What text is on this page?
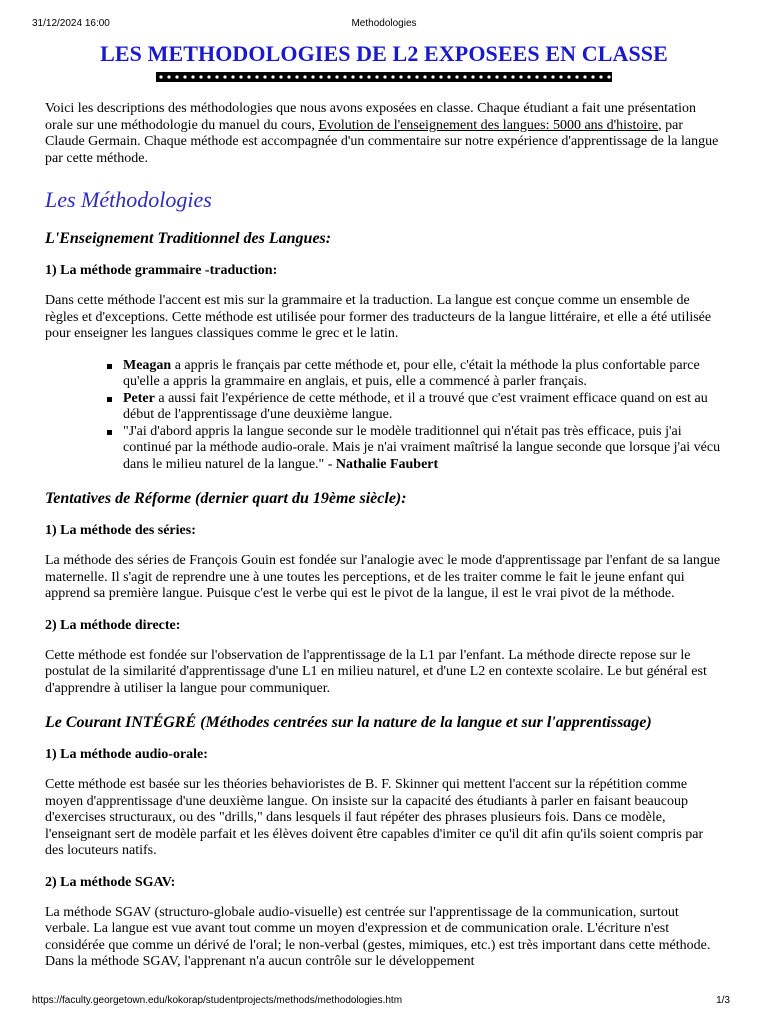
31/12/2024 16:00	Methodologies
LES METHODOLOGIES DE L2 EXPOSEES EN CLASSE

Voici les descriptions des méthodologies que nous avons exposées en classe. Chaque étudiant a fait une présentation orale sur une méthodologie du manuel du cours, Evolution de l'enseignement des langues: 5000 ans d'histoire, par Claude Germain. Chaque méthode est accompagnée d'un commentaire sur notre expérience d'apprentissage de la langue par cette méthode.

Les Méthodologies
L'Enseignement Traditionnel des Langues:
1) La méthode grammaire -traduction:

Dans cette méthode l'accent est mis sur la grammaire et la traduction. La langue est conçue comme un ensemble de règles et d'exceptions. Cette méthode est utilisée pour former des traducteurs de la langue littéraire, et elle a été utilisée pour enseigner les langues classiques comme le grec et le latin.

Meagan a appris le français par cette méthode et, pour elle, c'était la méthode la plus confortable parce qu'elle a appris la grammaire en anglais, et puis, elle a commencé à parler français.
Peter a aussi fait l'expérience de cette méthode, et il a trouvé que c'est vraiment efficace quand on est au début de l'apprentissage d'une deuxième langue.
"J'ai d'abord appris la langue seconde sur le modèle traditionnel qui n'était pas très efficace, puis j'ai continué par la méthode audio-orale. Mais je n'ai vraiment maîtrisé la langue seconde que lorsque j'ai vécu dans le milieu naturel de la langue." - Nathalie Faubert
Tentatives de Réforme (dernier quart du 19ème siècle):
1) La méthode des séries:

La méthode des séries de François Gouin est fondée sur l'analogie avec le mode d'apprentissage par l'enfant de sa langue maternelle. Il s'agit de reprendre une à une toutes les perceptions, et de les traiter comme le fait le jeune enfant qui apprend sa première langue. Puisque c'est le verbe qui est le pivot de la langue, il est le vrai pivot de la méthode.

2) La méthode directe:

Cette méthode est fondée sur l'observation de l'apprentissage de la L1 par l'enfant. La méthode directe repose sur le postulat de la similarité d'apprentissage d'une L1 en milieu naturel, et d'une L2 en contexte scolaire. Le but général est d'apprendre à utiliser la langue pour communiquer.

Le Courant INTÉGRÉ (Méthodes centrées sur la nature de la langue et sur l'apprentissage)
1) La méthode audio-orale:

Cette méthode est basée sur les théories behavioristes de B. F. Skinner qui mettent l'accent sur la répétition comme moyen d'apprentissage d'une deuxième langue. On insiste sur la capacité des étudiants à parler en faisant beaucoup d'exercises structuraux, ou des "drills," dans lesquels il faut répéter des phrases plusieurs fois. Dans ce modèle, l'enseignant sert de modèle parfait et les élèves doivent être capables d'imiter ce qu'il dit afin qu'ils soient compris par des locuteurs natifs.

2) La méthode SGAV:

La méthode SGAV (structuro-globale audio-visuelle) est centrée sur l'apprentissage de la communication, surtout verbale. La langue est vue avant tout comme un moyen d'expression et de communication orale. L'écriture n'est considérée que comme un dérivé de l'oral; le non-verbal (gestes, mimiques, etc.) est très important dans cette méthode. Dans la méthode SGAV, l'apprenant n'a aucun contrôle sur le développement

https://faculty.georgetown.edu/kokorap/studentprojects/methods/methodologies.htm	1/3
